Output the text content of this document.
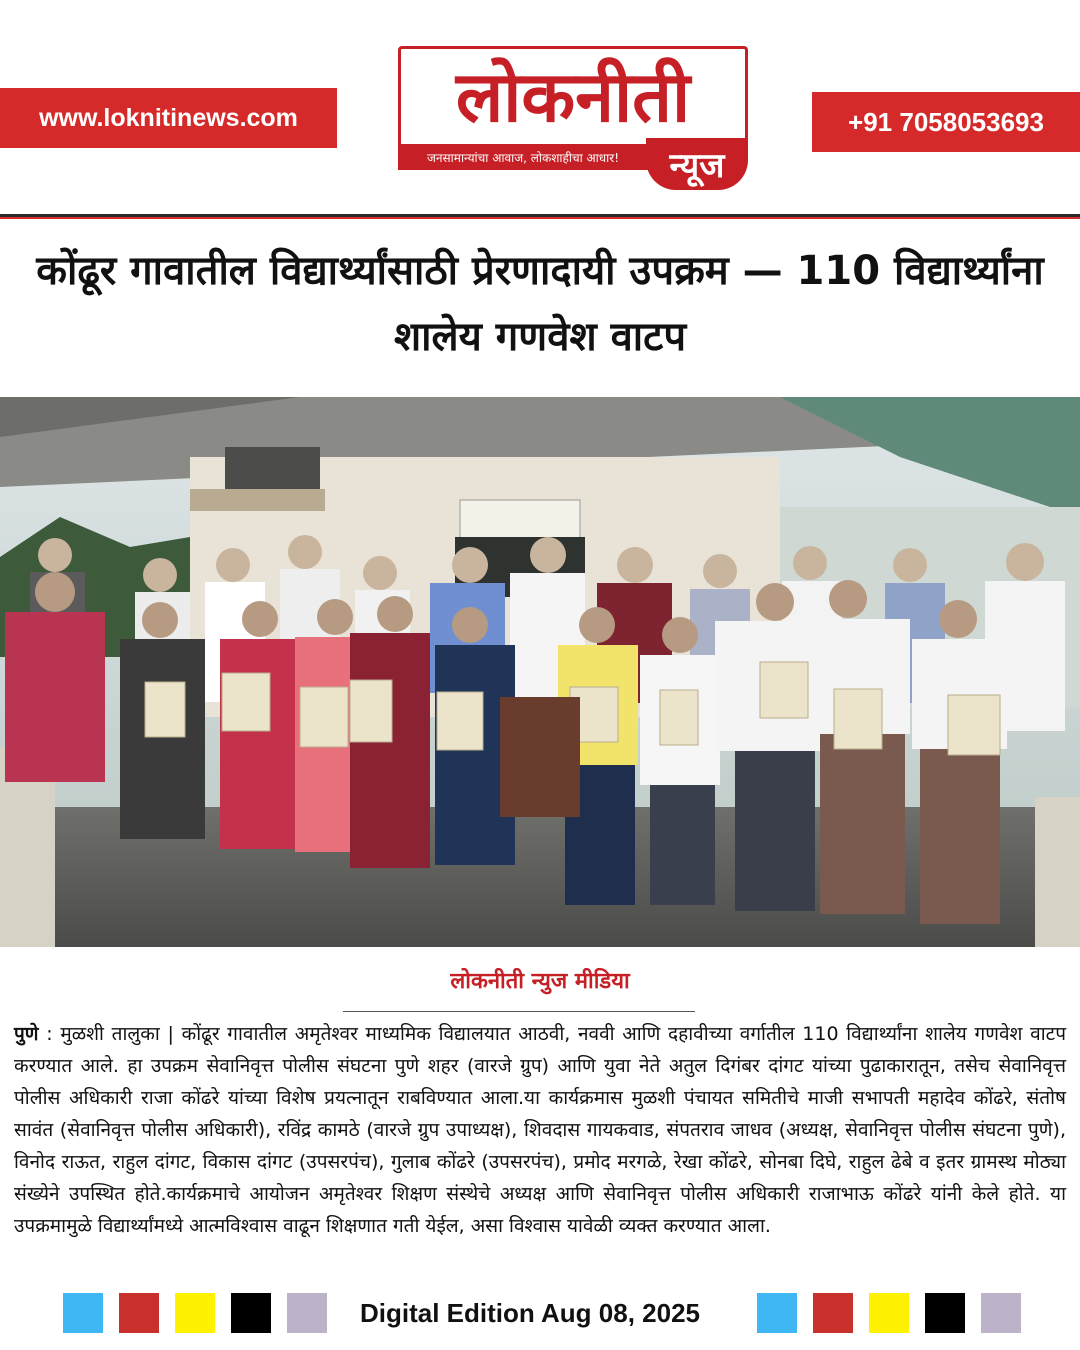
www.loknitinews.com	लोकनीती
जनसामान्यांचा आवाज, लोकशाहीचा आधार!	न्यूज
+91 7058053693
कोंढूर गावातील विद्यार्थ्यांसाठी प्रेरणादायी उपक्रम — 110 विद्यार्थ्यांना शालेय गणवेश वाटप
लोकनीती न्युज मीडिया

पुणे : मुळशी तालुका | कोंढूर गावातील अमृतेश्वर माध्यमिक विद्यालयात आठवी, नववी आणि दहावीच्या वर्गातील 110 विद्यार्थ्यांना शालेय गणवेश वाटप करण्यात आले. हा उपक्रम सेवानिवृत्त पोलीस संघटना पुणे शहर (वारजे ग्रुप) आणि युवा नेते अतुल दिगंबर दांगट यांच्या पुढाकारातून, तसेच सेवानिवृत्त पोलीस अधिकारी राजा कोंढरे यांच्या विशेष प्रयत्नातून राबविण्यात आला.या कार्यक्रमास मुळशी पंचायत समितीचे माजी सभापती महादेव कोंढरे, संतोष सावंत (सेवानिवृत्त पोलीस अधिकारी), रविंद्र कामठे (वारजे ग्रुप उपाध्यक्ष), शिवदास गायकवाड, संपतराव जाधव (अध्यक्ष, सेवानिवृत्त पोलीस संघटना पुणे), विनोद राऊत, राहुल दांगट, विकास दांगट (उपसरपंच), गुलाब कोंढरे (उपसरपंच), प्रमोद मरगळे, रेखा कोंढरे, सोनबा दिघे, राहुल ढेबे व इतर ग्रामस्थ मोठ्या संख्येने उपस्थित होते.कार्यक्रमाचे आयोजन अमृतेश्वर शिक्षण संस्थेचे अध्यक्ष आणि सेवानिवृत्त पोलीस अधिकारी राजाभाऊ कोंढरे यांनी केले होते. या उपक्रमामुळे विद्यार्थ्यांमध्ये आत्मविश्वास वाढून शिक्षणात गती येईल, असा विश्वास यावेळी व्यक्त करण्यात आला.

Digital Edition Aug 08, 2025
